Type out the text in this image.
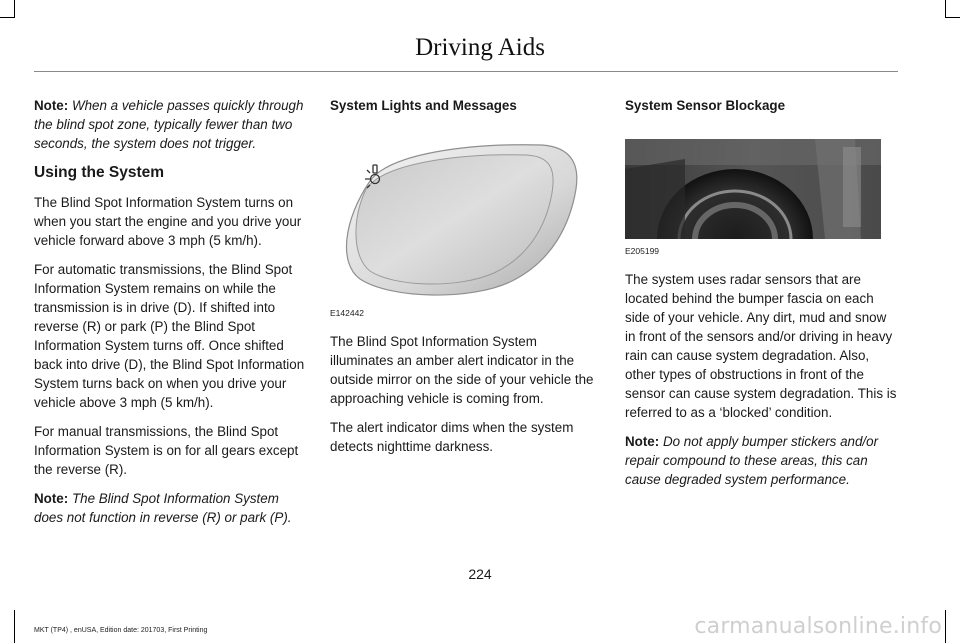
Driving Aids

Note: When a vehicle passes quickly through the blind spot zone, typically fewer than two seconds, the system does not trigger.

Using the System

The Blind Spot Information System turns on when you start the engine and you drive your vehicle forward above 3 mph (5 km/h).

For automatic transmissions, the Blind Spot Information System remains on while the transmission is in drive (D). If shifted into reverse (R) or park (P) the Blind Spot Information System turns off. Once shifted back into drive (D), the Blind Spot Information System turns back on when you drive your vehicle above 3 mph (5 km/h).

For manual transmissions, the Blind Spot Information System is on for all gears except the reverse (R).

Note: The Blind Spot Information System does not function in reverse (R) or park (P).

System Lights and Messages
E142442

The Blind Spot Information System illuminates an amber alert indicator in the outside mirror on the side of your vehicle the approaching vehicle is coming from.

The alert indicator dims when the system detects nighttime darkness.

System Sensor Blockage
E205199

The system uses radar sensors that are located behind the bumper fascia on each side of your vehicle. Any dirt, mud and snow in front of the sensors and/or driving in heavy rain can cause system degradation. Also, other types of obstructions in front of the sensor can cause system degradation. This is referred to as a ‘blocked’ condition.

Note: Do not apply bumper stickers and/or repair compound to these areas, this can cause degraded system performance.

224
MKT (TP4) , enUSA, Edition date: 201703, First Printing	carmanualsonline.info
